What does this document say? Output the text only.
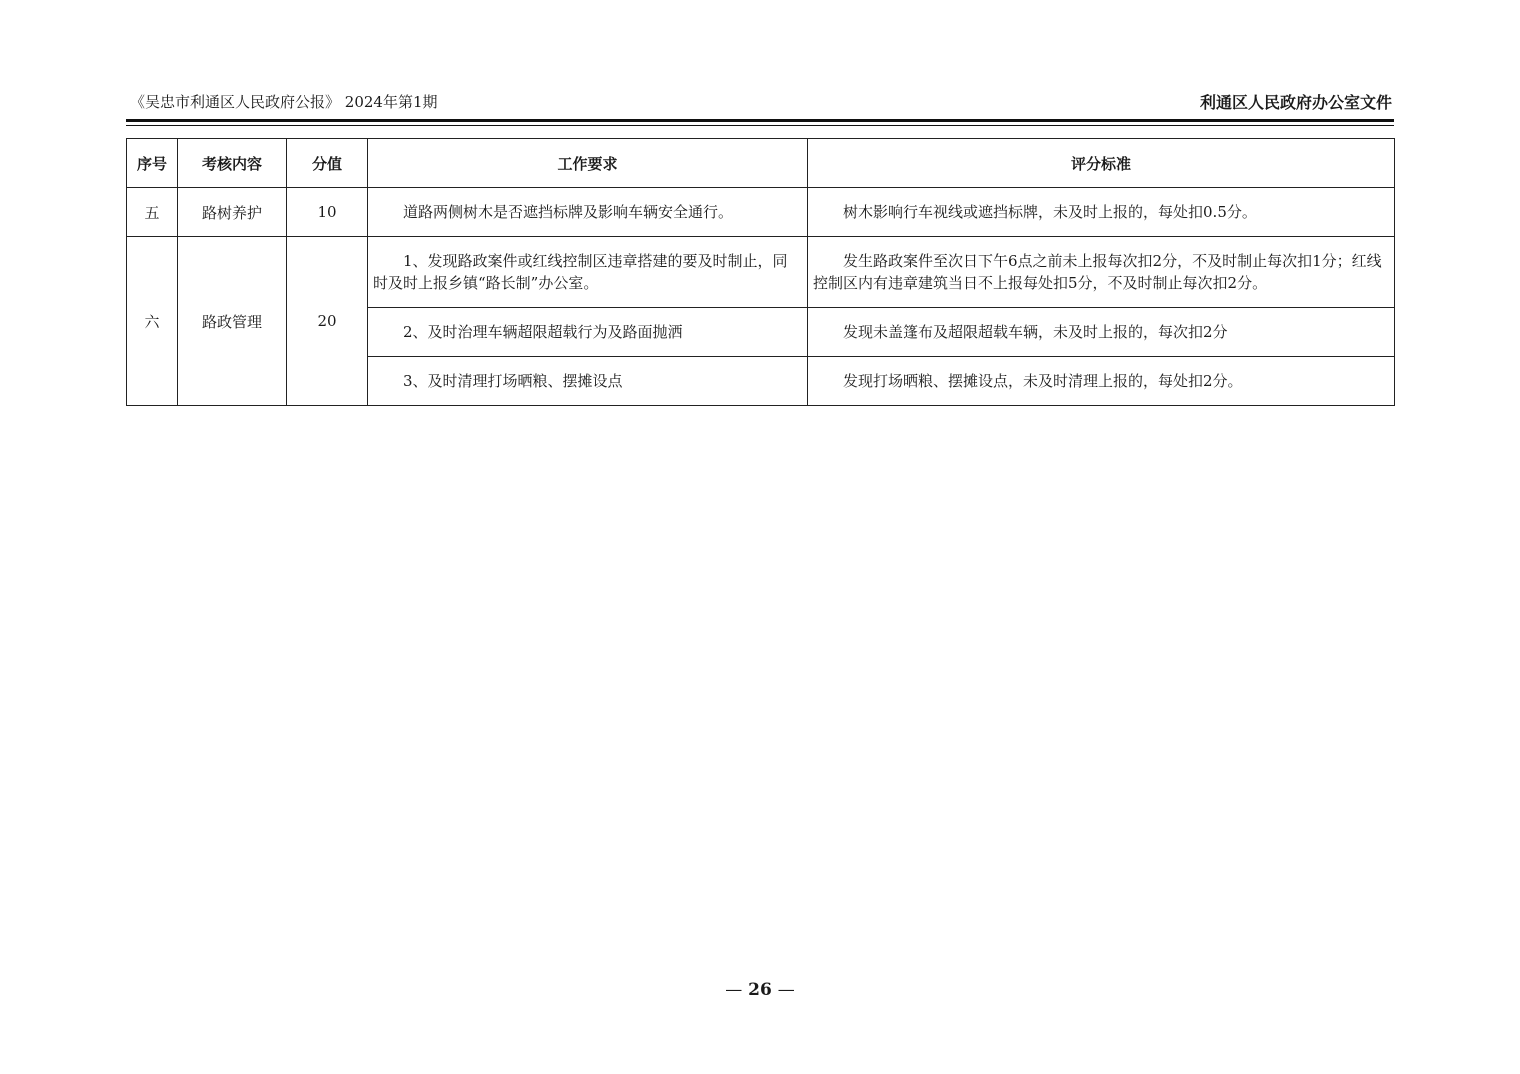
《吴忠市利通区人民政府公报》 2024年第1期	利通区人民政府办公室文件
序号	考核内容	分值	工作要求	评分标准
五	路树养护	10	道路两侧树木是否遮挡标牌及影响车辆安全通行。	树木影响行车视线或遮挡标牌，未及时上报的，每处扣0.5分。

六	路政管理	20	1、发现路政案件或红线控制区违章搭建的要及时制止，同时及时上报乡镇“路长制”办公室。	发生路政案件至次日下午6点之前未上报每次扣2分，不及时制止每次扣1分；红线控制区内有违章建筑当日不上报每处扣5分，不及时制止每次扣2分。

			2、及时治理车辆超限超载行为及路面抛洒	发现未盖篷布及超限超载车辆，未及时上报的，每次扣2分

			3、及时清理打场晒粮、摆摊设点	发现打场晒粮、摆摊设点，未及时清理上报的，每处扣2分。
— 26 —
